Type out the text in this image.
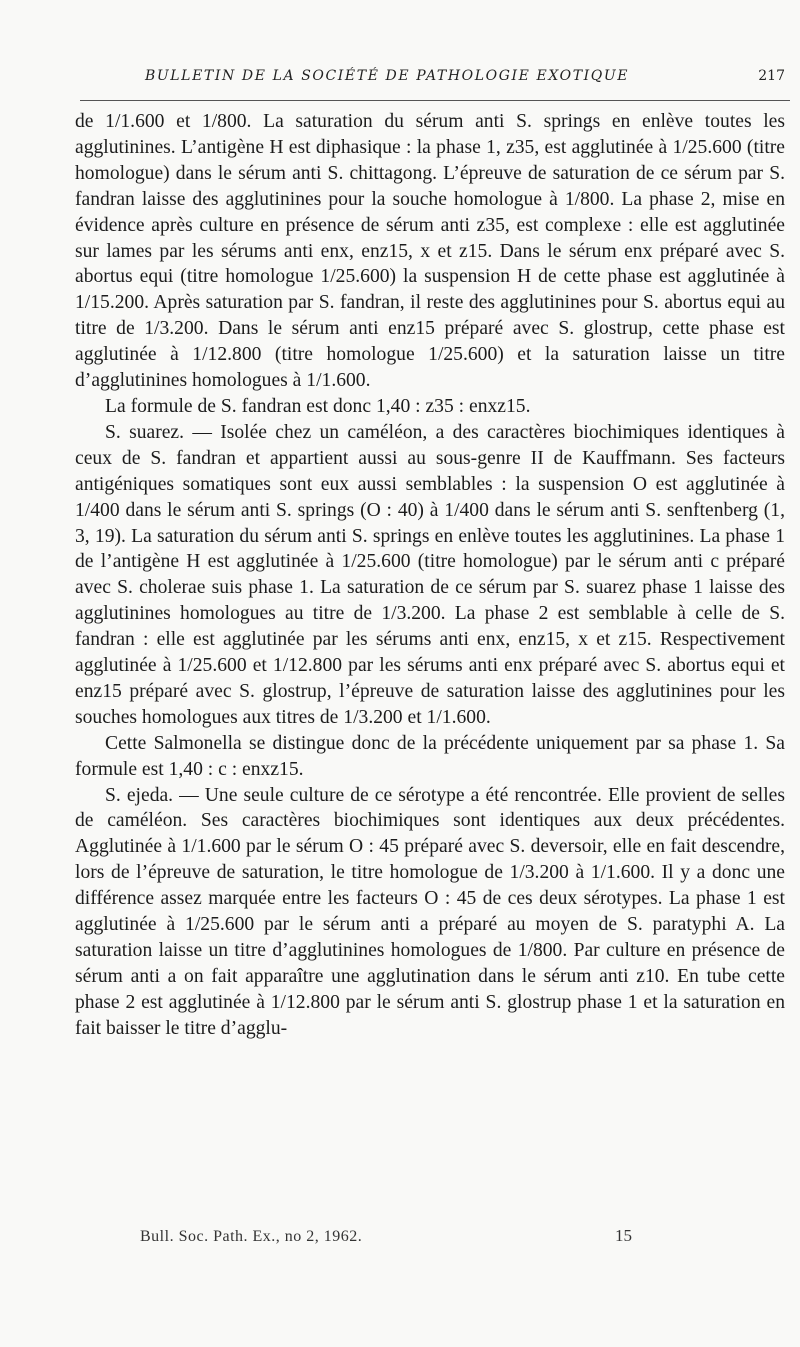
BULLETIN DE LA SOCIÉTÉ DE PATHOLOGIE EXOTIQUE	217

de 1/1.600 et 1/800. La saturation du sérum anti S. springs en enlève toutes les agglutinines. L’antigène H est diphasique : la phase 1, z35, est agglutinée à 1/25.600 (titre homologue) dans le sérum anti S. chittagong. L’épreuve de saturation de ce sérum par S. fandran laisse des agglutinines pour la souche homologue à 1/800. La phase 2, mise en évidence après culture en présence de sérum anti z35, est complexe : elle est agglutinée sur lames par les sérums anti enx, enz15, x et z15. Dans le sérum enx préparé avec S. abortus equi (titre homologue 1/25.600) la suspension H de cette phase est agglutinée à 1/15.200. Après saturation par S. fandran, il reste des agglutinines pour S. abortus equi au titre de 1/3.200. Dans le sérum anti enz15 préparé avec S. glostrup, cette phase est agglutinée à 1/12.800 (titre homologue 1/25.600) et la saturation laisse un titre d’agglutinines homologues à 1/1.600.

La formule de S. fandran est donc 1,40 : z35 : enxz15.

S. suarez. — Isolée chez un caméléon, a des caractères biochimiques identiques à ceux de S. fandran et appartient aussi au sous-genre II de Kauffmann. Ses facteurs antigéniques somatiques sont eux aussi semblables : la suspension O est agglutinée à 1/400 dans le sérum anti S. springs (O : 40) à 1/400 dans le sérum anti S. senftenberg (1, 3, 19). La saturation du sérum anti S. springs en enlève toutes les agglutinines. La phase 1 de l’antigène H est agglutinée à 1/25.600 (titre homologue) par le sérum anti c préparé avec S. cholerae suis phase 1. La saturation de ce sérum par S. suarez phase 1 laisse des agglutinines homologues au titre de 1/3.200. La phase 2 est semblable à celle de S. fandran : elle est agglutinée par les sérums anti enx, enz15, x et z15. Respectivement agglutinée à 1/25.600 et 1/12.800 par les sérums anti enx préparé avec S. abortus equi et enz15 préparé avec S. glostrup, l’épreuve de saturation laisse des agglutinines pour les souches homologues aux titres de 1/3.200 et 1/1.600.

Cette Salmonella se distingue donc de la précédente uniquement par sa phase 1. Sa formule est 1,40 : c : enxz15.

S. ejeda. — Une seule culture de ce sérotype a été rencontrée. Elle provient de selles de caméléon. Ses caractères biochimiques sont identiques aux deux précédentes. Agglutinée à 1/1.600 par le sérum O : 45 préparé avec S. deversoir, elle en fait descendre, lors de l’épreuve de saturation, le titre homologue de 1/3.200 à 1/1.600. Il y a donc une différence assez marquée entre les facteurs O : 45 de ces deux sérotypes. La phase 1 est agglutinée à 1/25.600 par le sérum anti a préparé au moyen de S. paratyphi A. La saturation laisse un titre d’agglutinines homologues de 1/800. Par culture en présence de sérum anti a on fait apparaître une agglutination dans le sérum anti z10. En tube cette phase 2 est agglutinée à 1/12.800 par le sérum anti S. glostrup phase 1 et la saturation en fait baisser le titre d’agglu-

Bull. Soc. Path. Ex., no 2, 1962.	15
